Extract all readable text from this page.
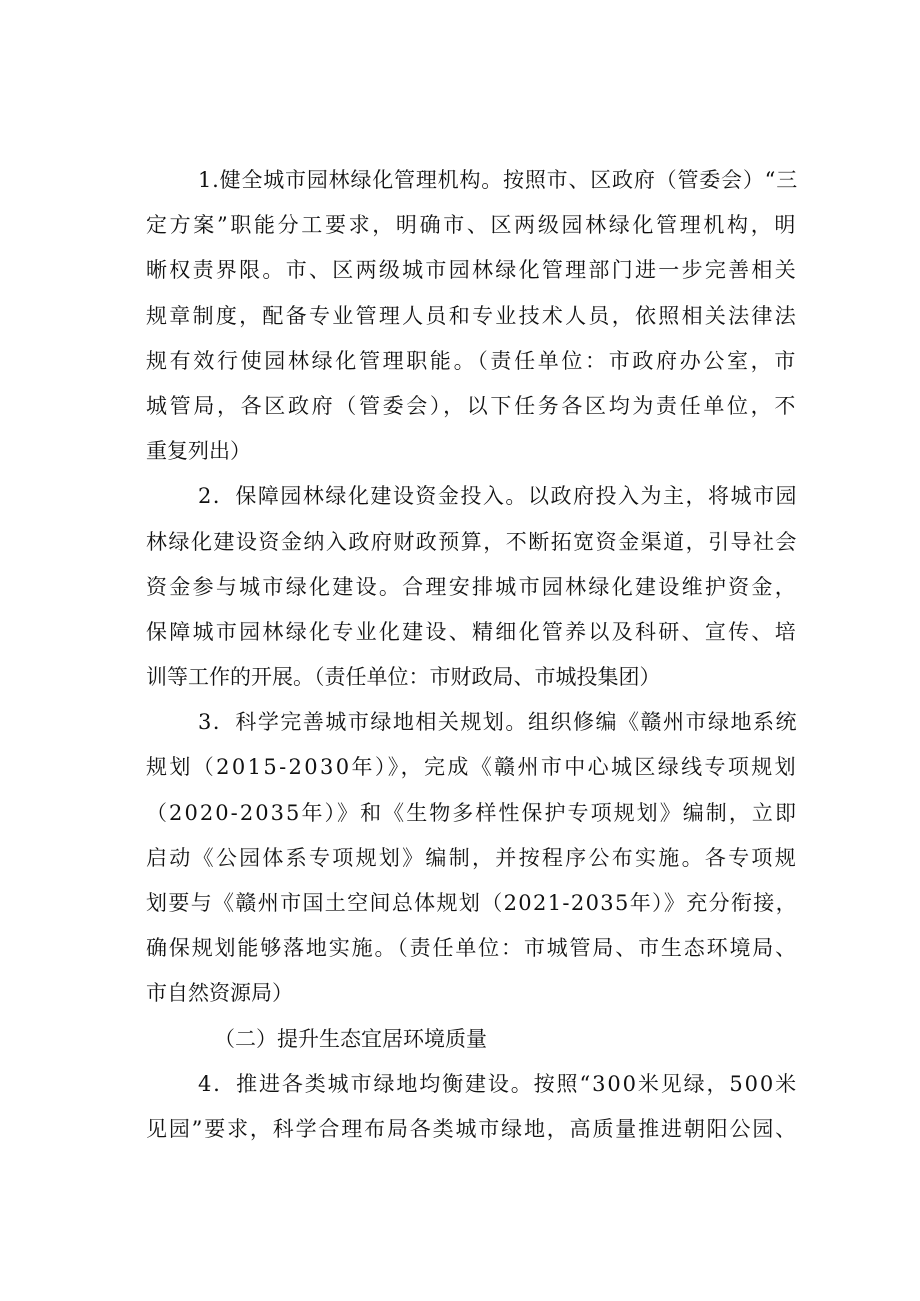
1.健全城市园林绿化管理机构。按照市、区政府（管委会）“三
定方案”职能分工要求，明确市、区两级园林绿化管理机构，明
晰权责界限。市、区两级城市园林绿化管理部门进一步完善相关
规章制度，配备专业管理人员和专业技术人员，依照相关法律法
规有效行使园林绿化管理职能。（责任单位：市政府办公室，市
城管局，各区政府（管委会），以下任务各区均为责任单位，不
重复列出）
2．保障园林绿化建设资金投入。以政府投入为主，将城市园
林绿化建设资金纳入政府财政预算，不断拓宽资金渠道，引导社会
资金参与城市绿化建设。合理安排城市园林绿化建设维护资金，
保障城市园林绿化专业化建设、精细化管养以及科研、宣传、培
训等工作的开展。（责任单位：市财政局、市城投集团）
3．科学完善城市绿地相关规划。组织修编《赣州市绿地系统
规划（2015-2030年）》，完成《赣州市中心城区绿线专项规划
（2020-2035年）》和《生物多样性保护专项规划》编制，立即
启动《公园体系专项规划》编制，并按程序公布实施。各专项规
划要与《赣州市国土空间总体规划（2021-2035年）》充分衔接，
确保规划能够落地实施。（责任单位：市城管局、市生态环境局、
市自然资源局）
（二）提升生态宜居环境质量
4．推进各类城市绿地均衡建设。按照“300米见绿，500米
见园”要求，科学合理布局各类城市绿地，高质量推进朝阳公园、
